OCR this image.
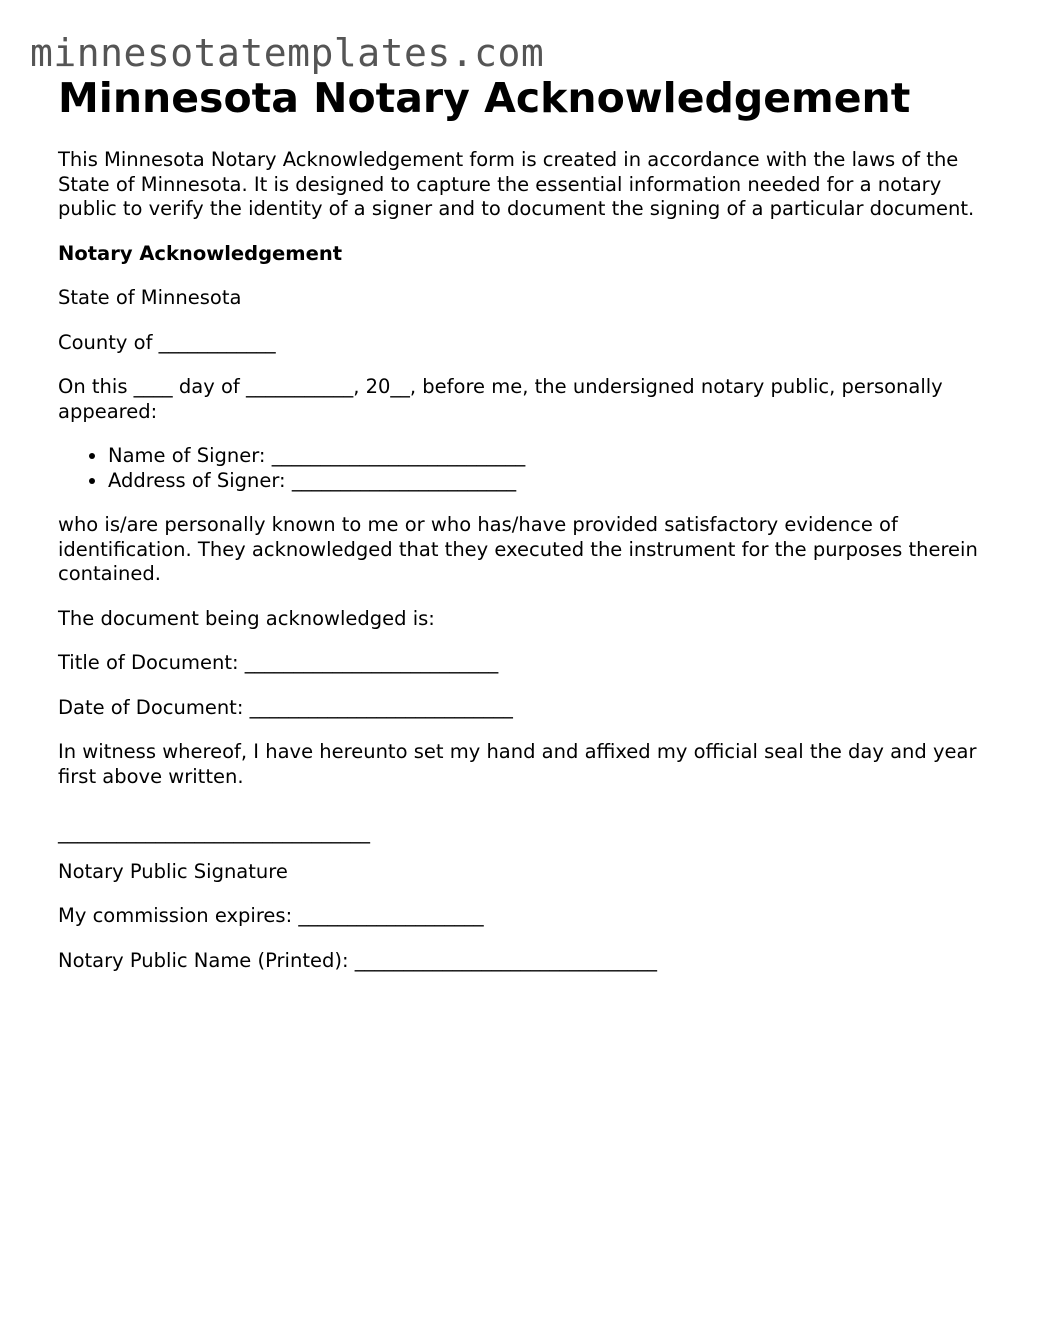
minnesotatemplates.com
Minnesota Notary Acknowledgement

This Minnesota Notary Acknowledgement form is created in accordance with the laws of the State of Minnesota. It is designed to capture the essential information needed for a notary public to verify the identity of a signer and to document the signing of a particular document.

Notary Acknowledgement

State of Minnesota

County of ____________

On this ____ day of ___________, 20__, before me, the undersigned notary public, personally appeared:

• Name of Signer: __________________________
• Address of Signer: _______________________

who is/are personally known to me or who has/have provided satisfactory evidence of identification. They acknowledged that they executed the instrument for the purposes therein contained.

The document being acknowledged is:

Title of Document: __________________________

Date of Document: ___________________________

In witness whereof, I have hereunto set my hand and affixed my official seal the day and year first above written.

________________________________

Notary Public Signature

My commission expires: ___________________

Notary Public Name (Printed): _______________________________
